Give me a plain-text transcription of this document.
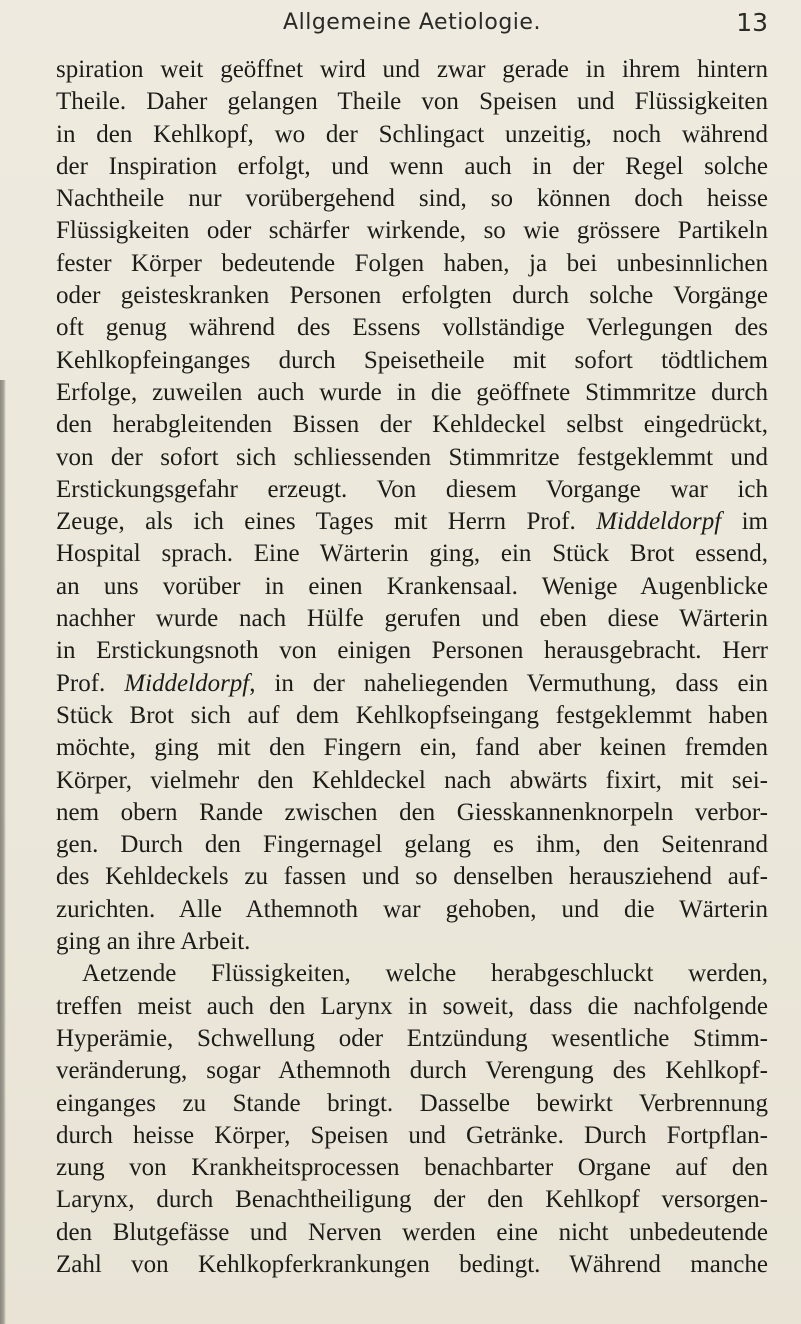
Allgemeine Aetiologie.	13
spiration weit geöffnet wird und zwar gerade in ihrem hintern
Theile. Daher gelangen Theile von Speisen und Flüssigkeiten
in den Kehlkopf, wo der Schlingact unzeitig, noch während
der Inspiration erfolgt, und wenn auch in der Regel solche
Nachtheile nur vorübergehend sind, so können doch heisse
Flüssigkeiten oder schärfer wirkende, so wie grössere Partikeln
fester Körper bedeutende Folgen haben, ja bei unbesinnlichen
oder geisteskranken Personen erfolgten durch solche Vorgänge
oft genug während des Essens vollständige Verlegungen des
Kehlkopfeinganges durch Speisetheile mit sofort tödtlichem
Erfolge, zuweilen auch wurde in die geöffnete Stimmritze durch
den herabgleitenden Bissen der Kehldeckel selbst eingedrückt,
von der sofort sich schliessenden Stimmritze festgeklemmt und
Erstickungsgefahr erzeugt. Von diesem Vorgange war ich
Zeuge, als ich eines Tages mit Herrn Prof. Middeldorpf im
Hospital sprach. Eine Wärterin ging, ein Stück Brot essend,
an uns vorüber in einen Krankensaal. Wenige Augenblicke
nachher wurde nach Hülfe gerufen und eben diese Wärterin
in Erstickungsnoth von einigen Personen herausgebracht. Herr
Prof. Middeldorpf, in der naheliegenden Vermuthung, dass ein
Stück Brot sich auf dem Kehlkopfseingang festgeklemmt haben
möchte, ging mit den Fingern ein, fand aber keinen fremden
Körper, vielmehr den Kehldeckel nach abwärts fixirt, mit sei-
nem obern Rande zwischen den Giesskannenknorpeln verbor-
gen. Durch den Fingernagel gelang es ihm, den Seitenrand
des Kehldeckels zu fassen und so denselben herausziehend auf-
zurichten. Alle Athemnoth war gehoben, und die Wärterin
ging an ihre Arbeit.
Aetzende Flüssigkeiten, welche herabgeschluckt werden,
treffen meist auch den Larynx in soweit, dass die nachfolgende
Hyperämie, Schwellung oder Entzündung wesentliche Stimm-
veränderung, sogar Athemnoth durch Verengung des Kehlkopf-
einganges zu Stande bringt. Dasselbe bewirkt Verbrennung
durch heisse Körper, Speisen und Getränke. Durch Fortpflan-
zung von Krankheitsprocessen benachbarter Organe auf den
Larynx, durch Benachtheiligung der den Kehlkopf versorgen-
den Blutgefässe und Nerven werden eine nicht unbedeutende
Zahl von Kehlkopferkrankungen bedingt. Während manche
